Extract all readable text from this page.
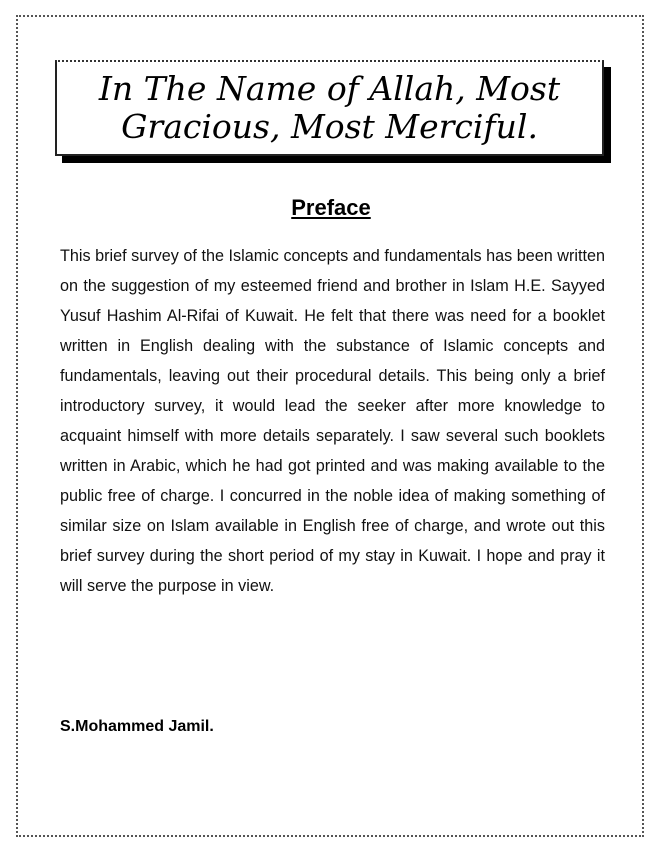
In The Name of Allah, Most
Gracious, Most Merciful.
Preface
This brief survey of the Islamic concepts and fundamentals has been written on the suggestion of my esteemed friend and brother in Islam H.E. Sayyed Yusuf Hashim Al-Rifai of Kuwait. He felt that there was need for a booklet written in English dealing with the substance of Islamic concepts and fundamentals, leaving out their procedural details. This being only a brief introductory survey, it would lead the seeker after more knowledge to acquaint himself with more details separately. I saw several such booklets written in Arabic, which he had got printed and was making available to the public free of charge. I concurred in the noble idea of making something of similar size on Islam available in English free of charge, and wrote out this brief survey during the short period of my stay in Kuwait. I hope and pray it will serve the purpose in view.
S.Mohammed Jamil.
